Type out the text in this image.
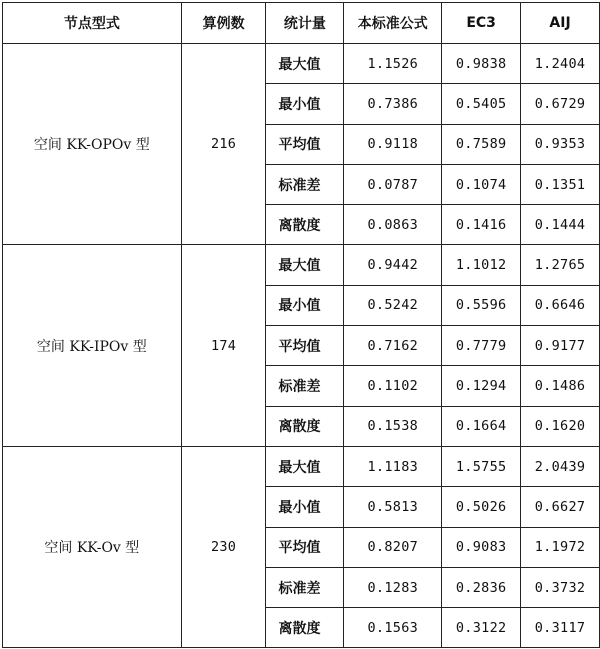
节点型式	算例数	统计量	本标准公式	EC3	AIJ
空间 KK-OPOv 型	216	最大值	1.1526	0.9838	1.2404
		最小值	0.7386	0.5405	0.6729
		平均值	0.9118	0.7589	0.9353
		标准差	0.0787	0.1074	0.1351
		离散度	0.0863	0.1416	0.1444
空间 KK-IPOv 型	174	最大值	0.9442	1.1012	1.2765
		最小值	0.5242	0.5596	0.6646
		平均值	0.7162	0.7779	0.9177
		标准差	0.1102	0.1294	0.1486
		离散度	0.1538	0.1664	0.1620
空间 KK-Ov 型	230	最大值	1.1183	1.5755	2.0439
		最小值	0.5813	0.5026	0.6627
		平均值	0.8207	0.9083	1.1972
		标准差	0.1283	0.2836	0.3732
		离散度	0.1563	0.3122	0.3117
